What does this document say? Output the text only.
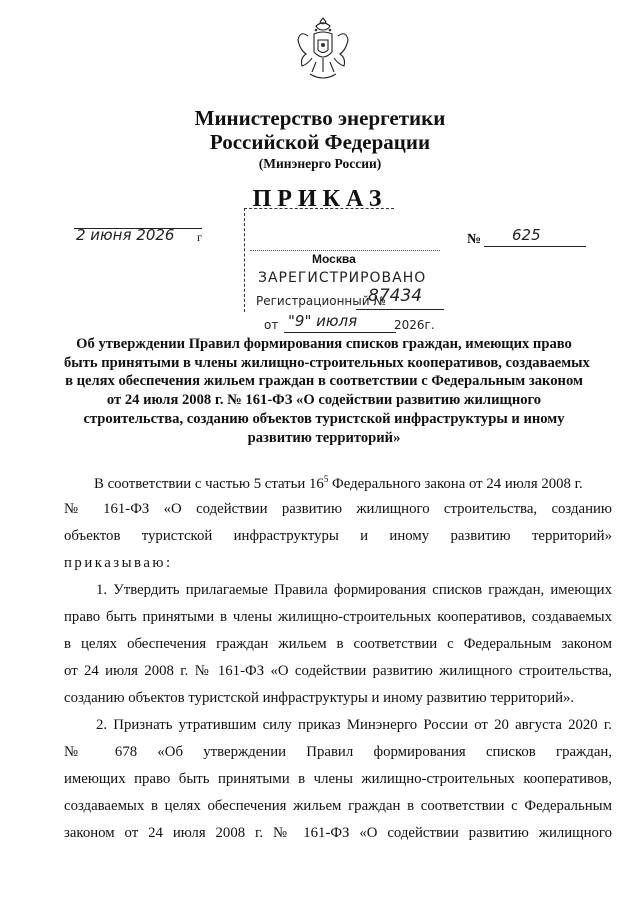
Министерство энергетики
Российской Федерации
(Минэнерго России)
ПРИКАЗ
2 июня 2026 г	№ 625
Москва
ЗАРЕГИСТРИРОВАНО
Регистрационный №
87434
от "9" июля	2026г.
Об утверждении Правил формирования списков граждан, имеющих право
быть принятыми в члены жилищно-строительных кооперативов, создаваемых
в целях обеспечения жильем граждан в соответствии с Федеральным законом
от 24 июля 2008 г. № 161-ФЗ «О содействии развитию жилищного
строительства, созданию объектов туристской инфраструктуры и иному
развитию территорий»
В соответствии с частью 5 статьи $16^5$ Федерального закона от 24 июля 2008 г.
№ 161-ФЗ «О содействии развитию жилищного строительства, созданию
объектов туристской инфраструктуры и иному развитию территорий»
приказываю:
1. Утвердить прилагаемые Правила формирования списков граждан, имеющих
право быть принятыми в члены жилищно-строительных кооперативов, создаваемых
в целях обеспечения граждан жильем в соответствии с Федеральным законом
от 24 июля 2008 г. № 161-ФЗ «О содействии развитию жилищного строительства,
созданию объектов туристской инфраструктуры и иному развитию территорий».
2. Признать утратившим силу приказ Минэнерго России от 20 августа 2020 г.
№ 678 «Об утверждении Правил формирования списков граждан,
имеющих право быть принятыми в члены жилищно-строительных кооперативов,
создаваемых в целях обеспечения жильем граждан в соответствии с Федеральным
законом от 24 июля 2008 г. № 161-ФЗ «О содействии развитию жилищного
